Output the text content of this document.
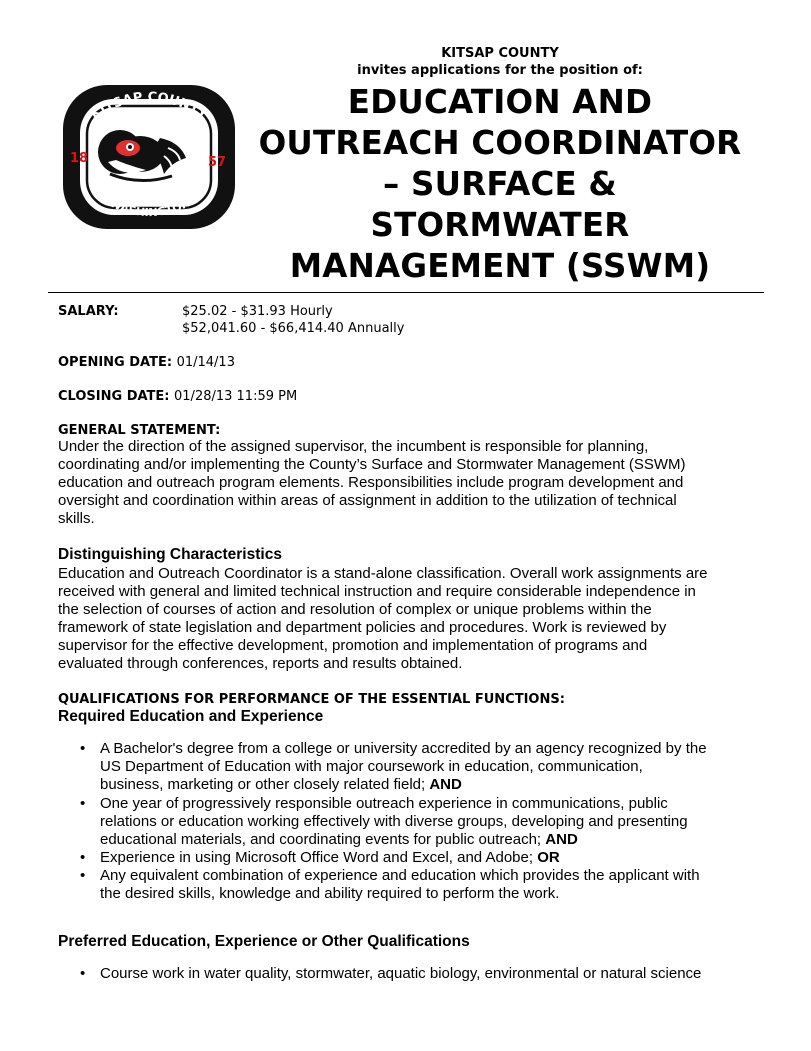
KITSAP COUNTY
WASHINGTON
18	57
KITSAP COUNTY
invites applications for the position of:
EDUCATION AND
OUTREACH COORDINATOR
– SURFACE &
STORMWATER
MANAGEMENT (SSWM)
SALARY:	$25.02 - $31.93 Hourly
$52,041.60 - $66,414.40 Annually
OPENING DATE: 01/14/13
CLOSING DATE: 01/28/13 11:59 PM
GENERAL STATEMENT:
Under the direction of the assigned supervisor, the incumbent is responsible for planning,
coordinating and/or implementing the County’s Surface and Stormwater Management (SSWM)
education and outreach program elements. Responsibilities include program development and
oversight and coordination within areas of assignment in addition to the utilization of technical
skills.
Distinguishing Characteristics
Education and Outreach Coordinator is a stand-alone classification. Overall work assignments are
received with general and limited technical instruction and require considerable independence in
the selection of courses of action and resolution of complex or unique problems within the
framework of state legislation and department policies and procedures. Work is reviewed by
supervisor for the effective development, promotion and implementation of programs and
evaluated through conferences, reports and results obtained.
QUALIFICATIONS FOR PERFORMANCE OF THE ESSENTIAL FUNCTIONS:
Required Education and Experience
• A Bachelor's degree from a college or university accredited by an agency recognized by the
US Department of Education with major coursework in education, communication,
business, marketing or other closely related field; AND
• One year of progressively responsible outreach experience in communications, public
relations or education working effectively with diverse groups, developing and presenting
educational materials, and coordinating events for public outreach; AND
• Experience in using Microsoft Office Word and Excel, and Adobe; OR
• Any equivalent combination of experience and education which provides the applicant with
the desired skills, knowledge and ability required to perform the work.
Preferred Education, Experience or Other Qualifications
• Course work in water quality, stormwater, aquatic biology, environmental or natural science
